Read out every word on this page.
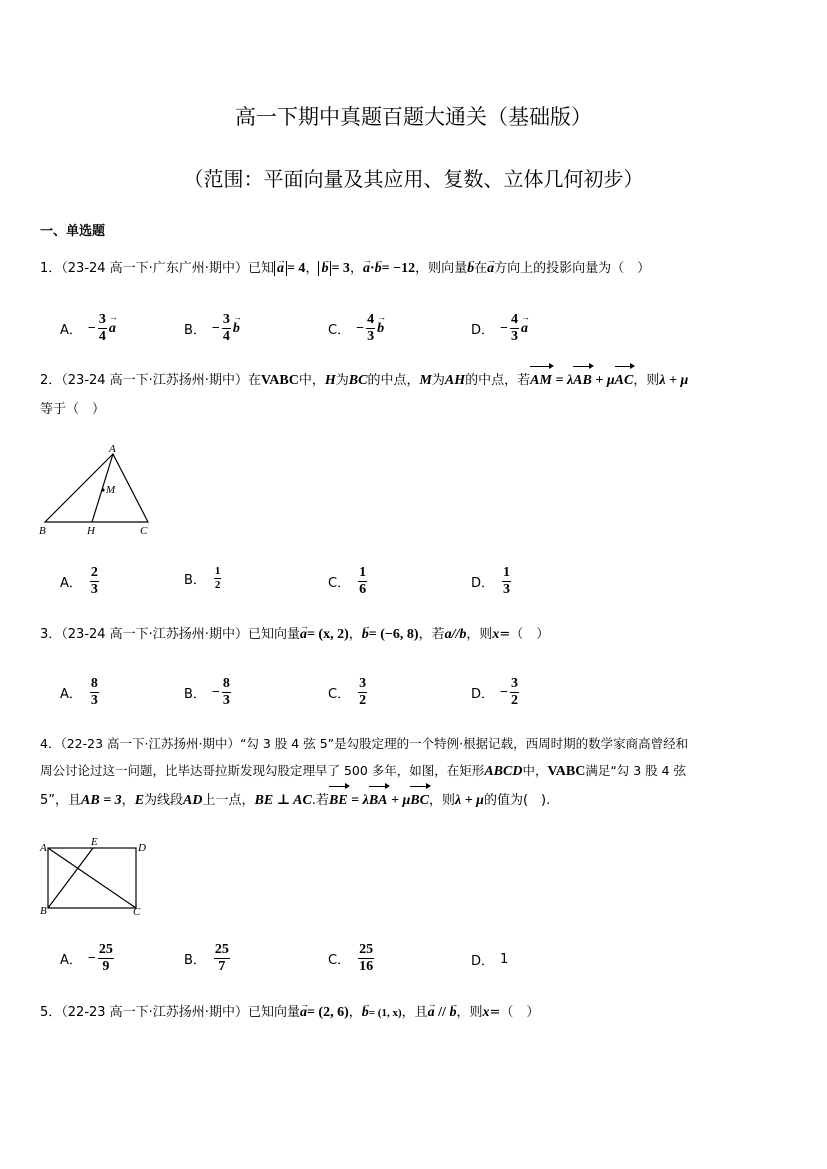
高一下期中真题百题大通关（基础版）
（范围：平面向量及其应用、复数、立体几何初步）
一、单选题
1．（23-24 高一下·广东广州·期中）已知 → a = 4， → b = 3，→ a·→ b= −12，则向量→ b在→ a方向上的投影向量为（　）
A． − $\frac{3}{4} \to a$	B． − $\frac{3}{4} \to b$	C． − $\frac{4}{3} \to b$	D． − $\frac{4}{3} \to a$
2．（23-24 高一下·江苏扬州·期中）在VABC中，H为BC的中点，M为AH的中点，若AM = λAB + μAC，则λ + μ
等于（　）
A
M
B	H	C
A． $\frac{2}{3}$	B． $\frac{1}{2}$	C． $\frac{1}{6}$	D． $\frac{1}{3}$
3．（23-24 高一下·江苏扬州·期中）已知向量→ a= (x, 2)，→ b= (−6, 8)，若a//b，则x=（　）
A． $\frac{8}{3}$	B． − $\frac{8}{3}$	C． $\frac{3}{2}$	D． − $\frac{3}{2}$
4．（22-23 高一下·江苏扬州·期中）“勾 3 股 4 弦 5”是勾股定理的一个特例·根据记载，西周时期的数学家商高曾经和
周公讨论过这一问题，比毕达哥拉斯发现勾股定理早了 500 多年，如图，在矩形ABCD中，VABC满足“勾 3 股 4 弦
5”，且AB = 3，E为线段AD上一点，BE ⊥ AC.若BE = λBA + μBC，则λ + μ的值为(　).
A	E	D
B	C
A． − $\frac{25}{9}$	B． $\frac{25}{7}$	C． $\frac{25}{16}$	D． 1
5．（22-23 高一下·江苏扬州·期中）已知向量→ a= (2, 6)，→ b= (1, x)，且→ a // → b，则x=（　）
